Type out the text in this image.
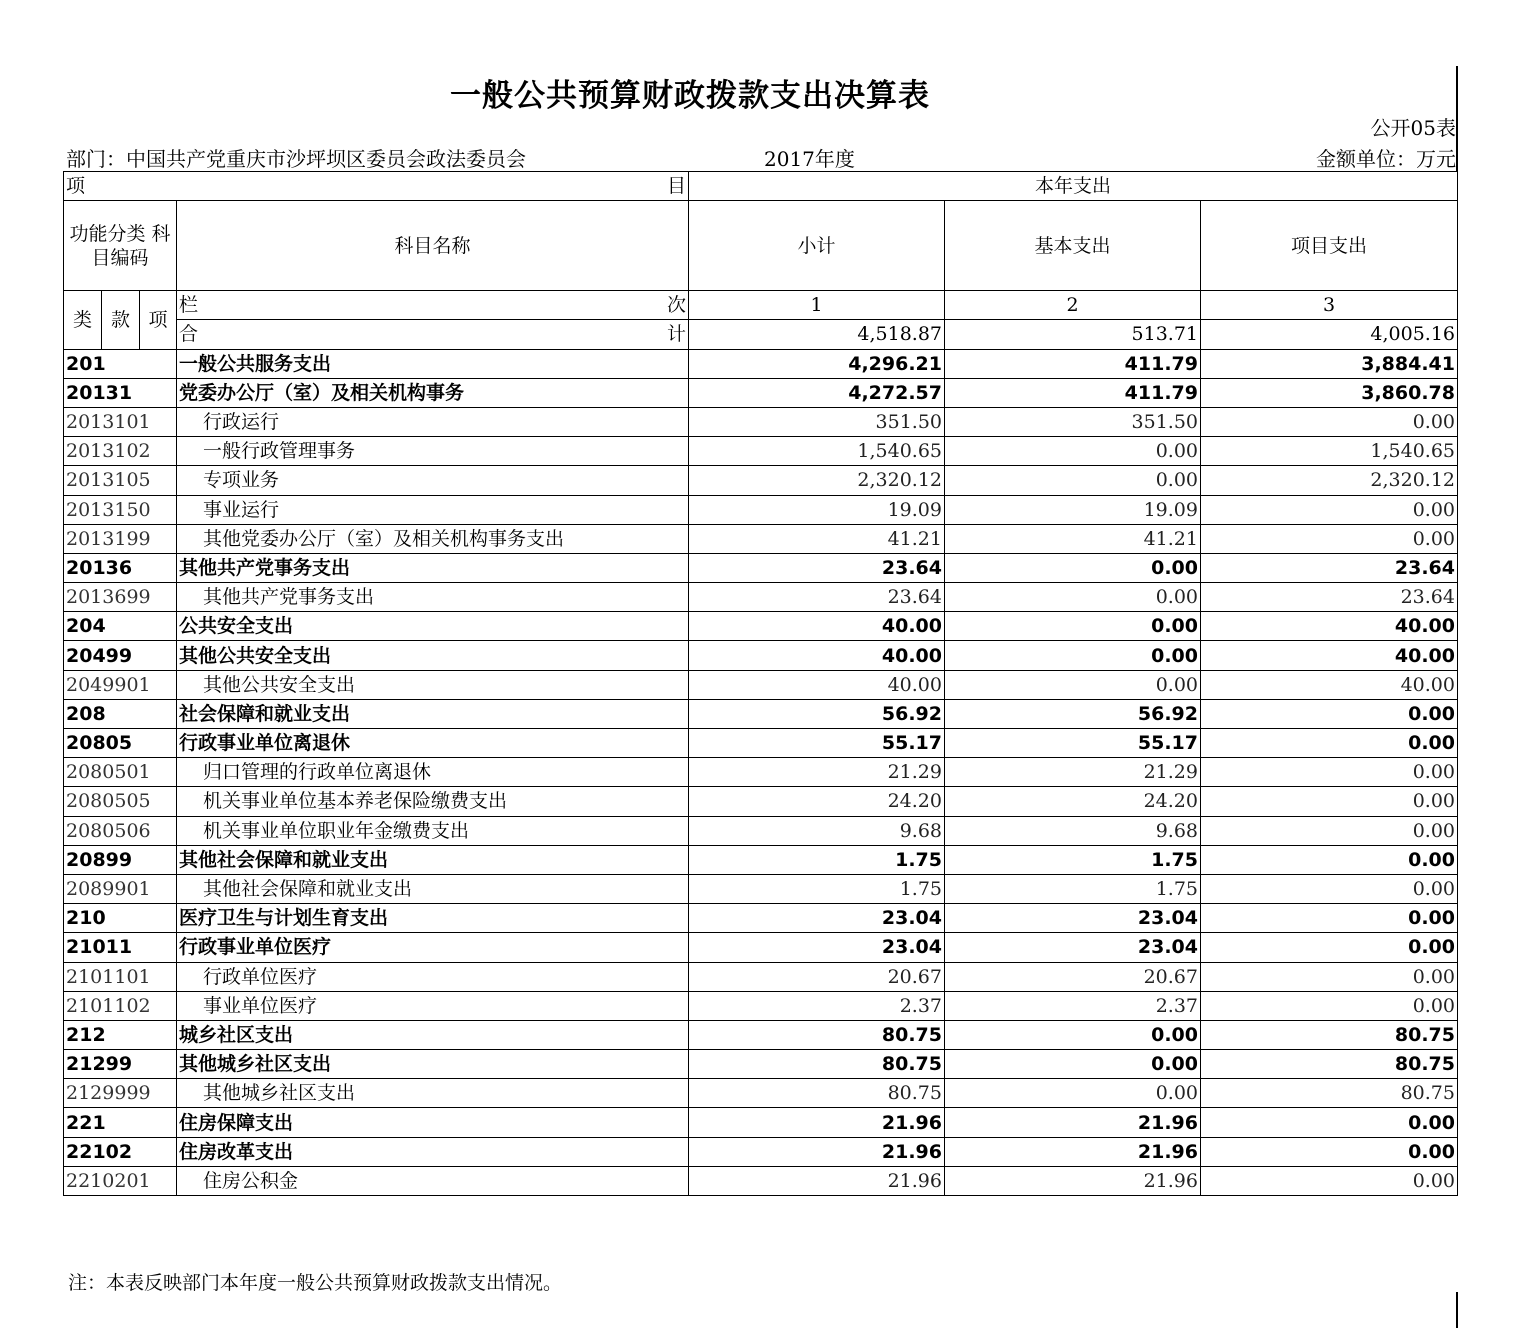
一般公共预算财政拨款支出决算表
公开05表
部门：中国共产党重庆市沙坪坝区委员会政法委员会	2017年度	金额单位：万元
项 目				本年支出		
功能分类 科目编码			科目名称	小计	基本支出	项目支出
类	款	项	栏 次	1	2	3

			合 计	4,518.87	513.71	4,005.16
201			一般公共服务支出	4,296.21	411.79	3,884.41
20131			党委办公厅（室）及相关机构事务	4,272.57	411.79	3,860.78
2013101			行政运行	351.50	351.50	0.00
2013102			一般行政管理事务	1,540.65	0.00	1,540.65
2013105			专项业务	2,320.12	0.00	2,320.12
2013150			事业运行	19.09	19.09	0.00
2013199			其他党委办公厅（室）及相关机构事务支出	41.21	41.21	0.00
20136			其他共产党事务支出	23.64	0.00	23.64
2013699			其他共产党事务支出	23.64	0.00	23.64
204			公共安全支出	40.00	0.00	40.00
20499			其他公共安全支出	40.00	0.00	40.00
2049901			其他公共安全支出	40.00	0.00	40.00
208			社会保障和就业支出	56.92	56.92	0.00
20805			行政事业单位离退休	55.17	55.17	0.00
2080501			归口管理的行政单位离退休	21.29	21.29	0.00
2080505			机关事业单位基本养老保险缴费支出	24.20	24.20	0.00
2080506			机关事业单位职业年金缴费支出	9.68	9.68	0.00
20899			其他社会保障和就业支出	1.75	1.75	0.00
2089901			其他社会保障和就业支出	1.75	1.75	0.00
210			医疗卫生与计划生育支出	23.04	23.04	0.00
21011			行政事业单位医疗	23.04	23.04	0.00
2101101			行政单位医疗	20.67	20.67	0.00
2101102			事业单位医疗	2.37	2.37	0.00
212			城乡社区支出	80.75	0.00	80.75
21299			其他城乡社区支出	80.75	0.00	80.75
2129999			其他城乡社区支出	80.75	0.00	80.75
221			住房保障支出	21.96	21.96	0.00
22102			住房改革支出	21.96	21.96	0.00
2210201			住房公积金	21.96	21.96	0.00
注：本表反映部门本年度一般公共预算财政拨款支出情况。
